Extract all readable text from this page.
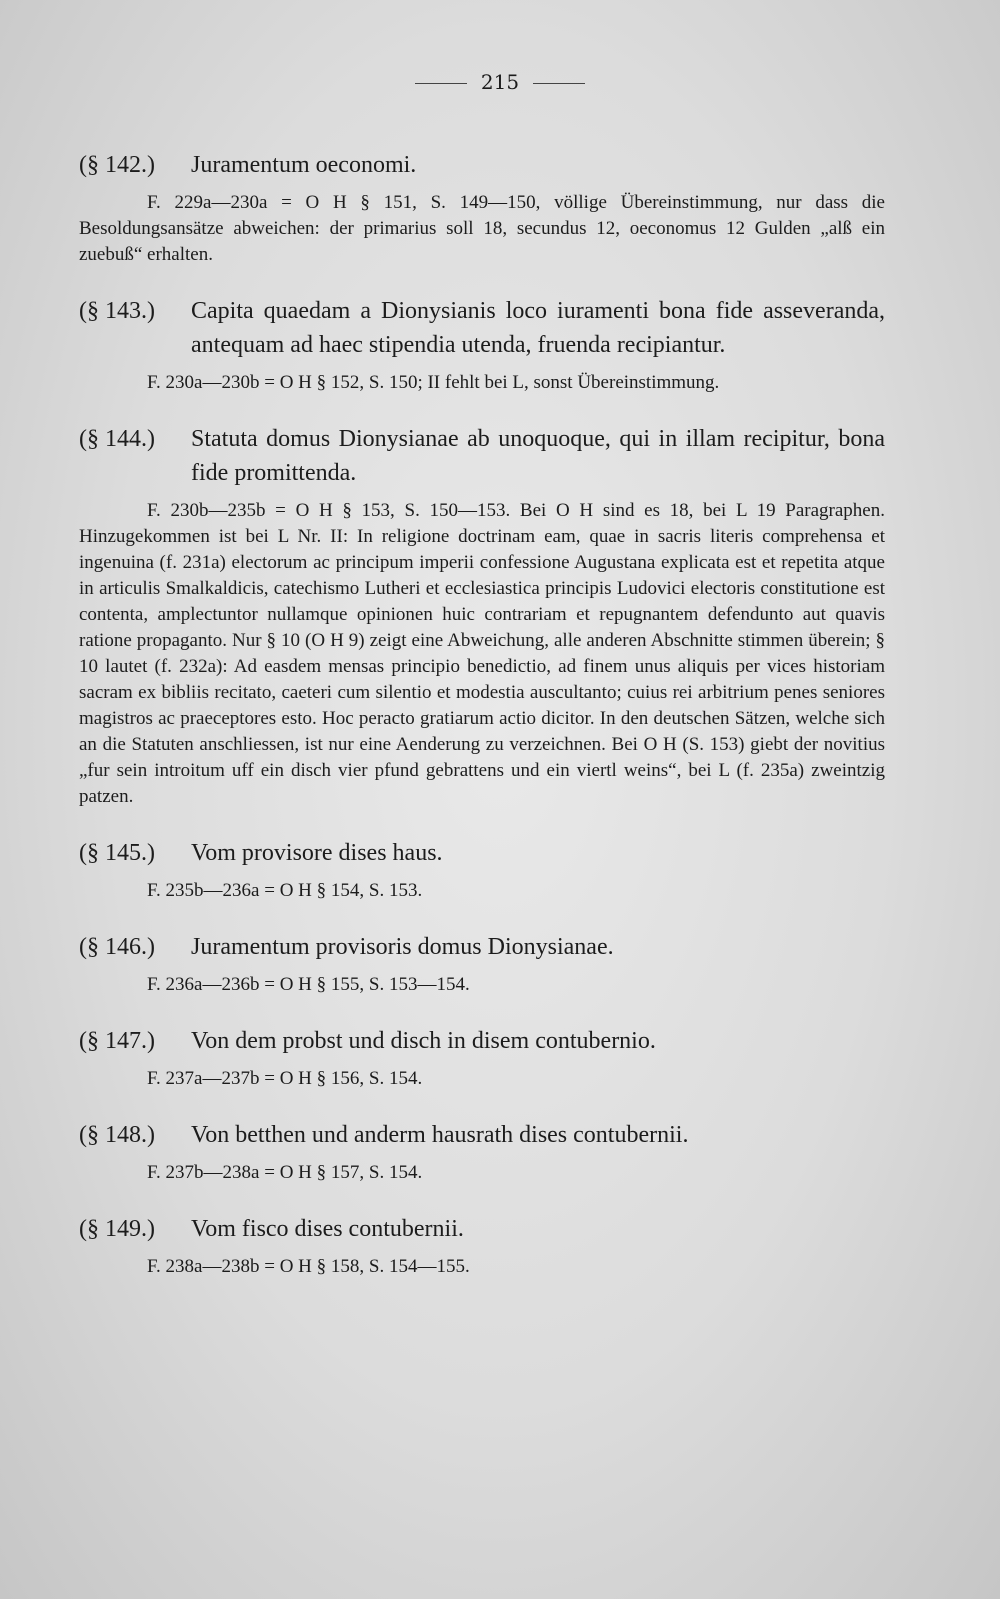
215
(§ 142.)	Juramentum oeconomi.
F. 229a—230a = O H § 151, S. 149—150, völlige Übereinstimmung, nur dass die Besoldungsansätze abweichen: der primarius soll 18, secundus 12, oeconomus 12 Gulden „alß ein zuebuß“ erhalten.
(§ 143.)	Capita quaedam a Dionysianis loco iuramenti bona fide asseveranda, antequam ad haec stipendia utenda, fruenda recipiantur.
F. 230a—230b = O H § 152, S. 150; II fehlt bei L, sonst Übereinstimmung.
(§ 144.)	Statuta domus Dionysianae ab unoquoque, qui in illam recipitur, bona fide promittenda.
F. 230b—235b = O H § 153, S. 150—153. Bei O H sind es 18, bei L 19 Paragraphen. Hinzugekommen ist bei L Nr. II: In religione doctrinam eam, quae in sacris literis comprehensa et ingenuina (f. 231a) electorum ac principum imperii confessione Augustana explicata est et repetita atque in articulis Smalkaldicis, catechismo Lutheri et ecclesiastica principis Ludovici electoris constitutione est contenta, amplectuntor nullamque opinionen huic contrariam et repugnantem defendunto aut quavis ratione propaganto. Nur § 10 (O H 9) zeigt eine Abweichung, alle anderen Abschnitte stimmen überein; § 10 lautet (f. 232a): Ad easdem mensas principio benedictio, ad finem unus aliquis per vices historiam sacram ex bibliis recitato, caeteri cum silentio et modestia auscultanto; cuius rei arbitrium penes seniores magistros ac praeceptores esto. Hoc peracto gratiarum actio dicitor. In den deutschen Sätzen, welche sich an die Statuten anschliessen, ist nur eine Aenderung zu verzeichnen. Bei O H (S. 153) giebt der novitius „fur sein introitum uff ein disch vier pfund gebrattens und ein viertl weins“, bei L (f. 235a) zweintzig patzen.
(§ 145.)	Vom provisore dises haus.
F. 235b—236a = O H § 154, S. 153.
(§ 146.)	Juramentum provisoris domus Dionysianae.
F. 236a—236b = O H § 155, S. 153—154.
(§ 147.)	Von dem probst und disch in disem contubernio.
F. 237a—237b = O H § 156, S. 154.
(§ 148.)	Von betthen und anderm hausrath dises contubernii.
F. 237b—238a = O H § 157, S. 154.
(§ 149.)	Vom fisco dises contubernii.
F. 238a—238b = O H § 158, S. 154—155.
